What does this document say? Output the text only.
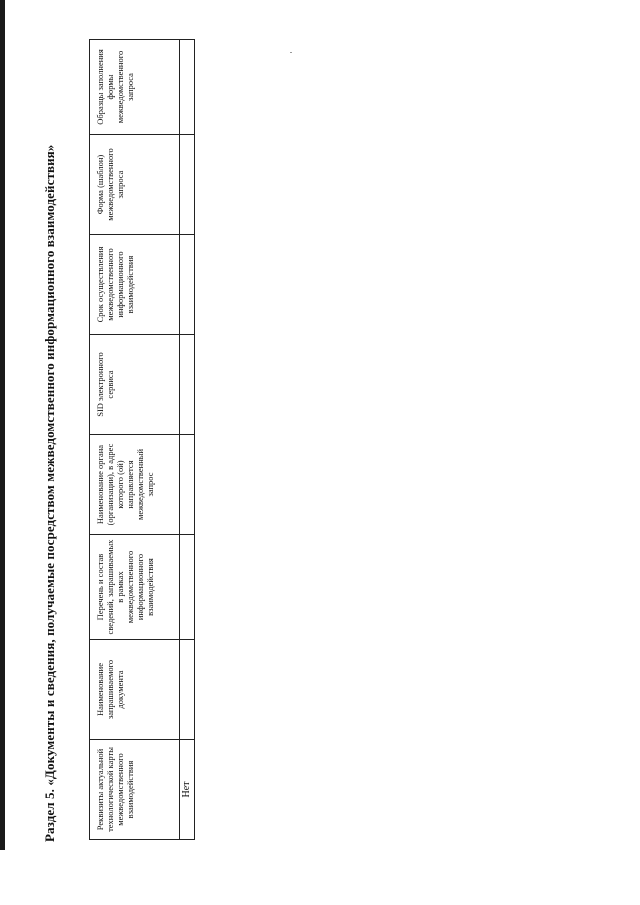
Раздел 5. «Документы и сведения, получаемые посредством межведомственного информационного взаимодействия»	Реквизиты актуальной технологической карты межведомственного взаимодействия	Наименование запрашиваемого документа	Перечень и состав сведений, запрашиваемых в рамках межведомственного информационного взаимодействия	Наименование органа (организации), в адрес которого (ой) направляется межведомственный запрос	SID электронного сервиса	Срок осуществления межведомственного информационного взаимодействия	Форма (шаблон) межведомственного запроса	Образцы заполнения формы межведомственного запроса
Нет							
